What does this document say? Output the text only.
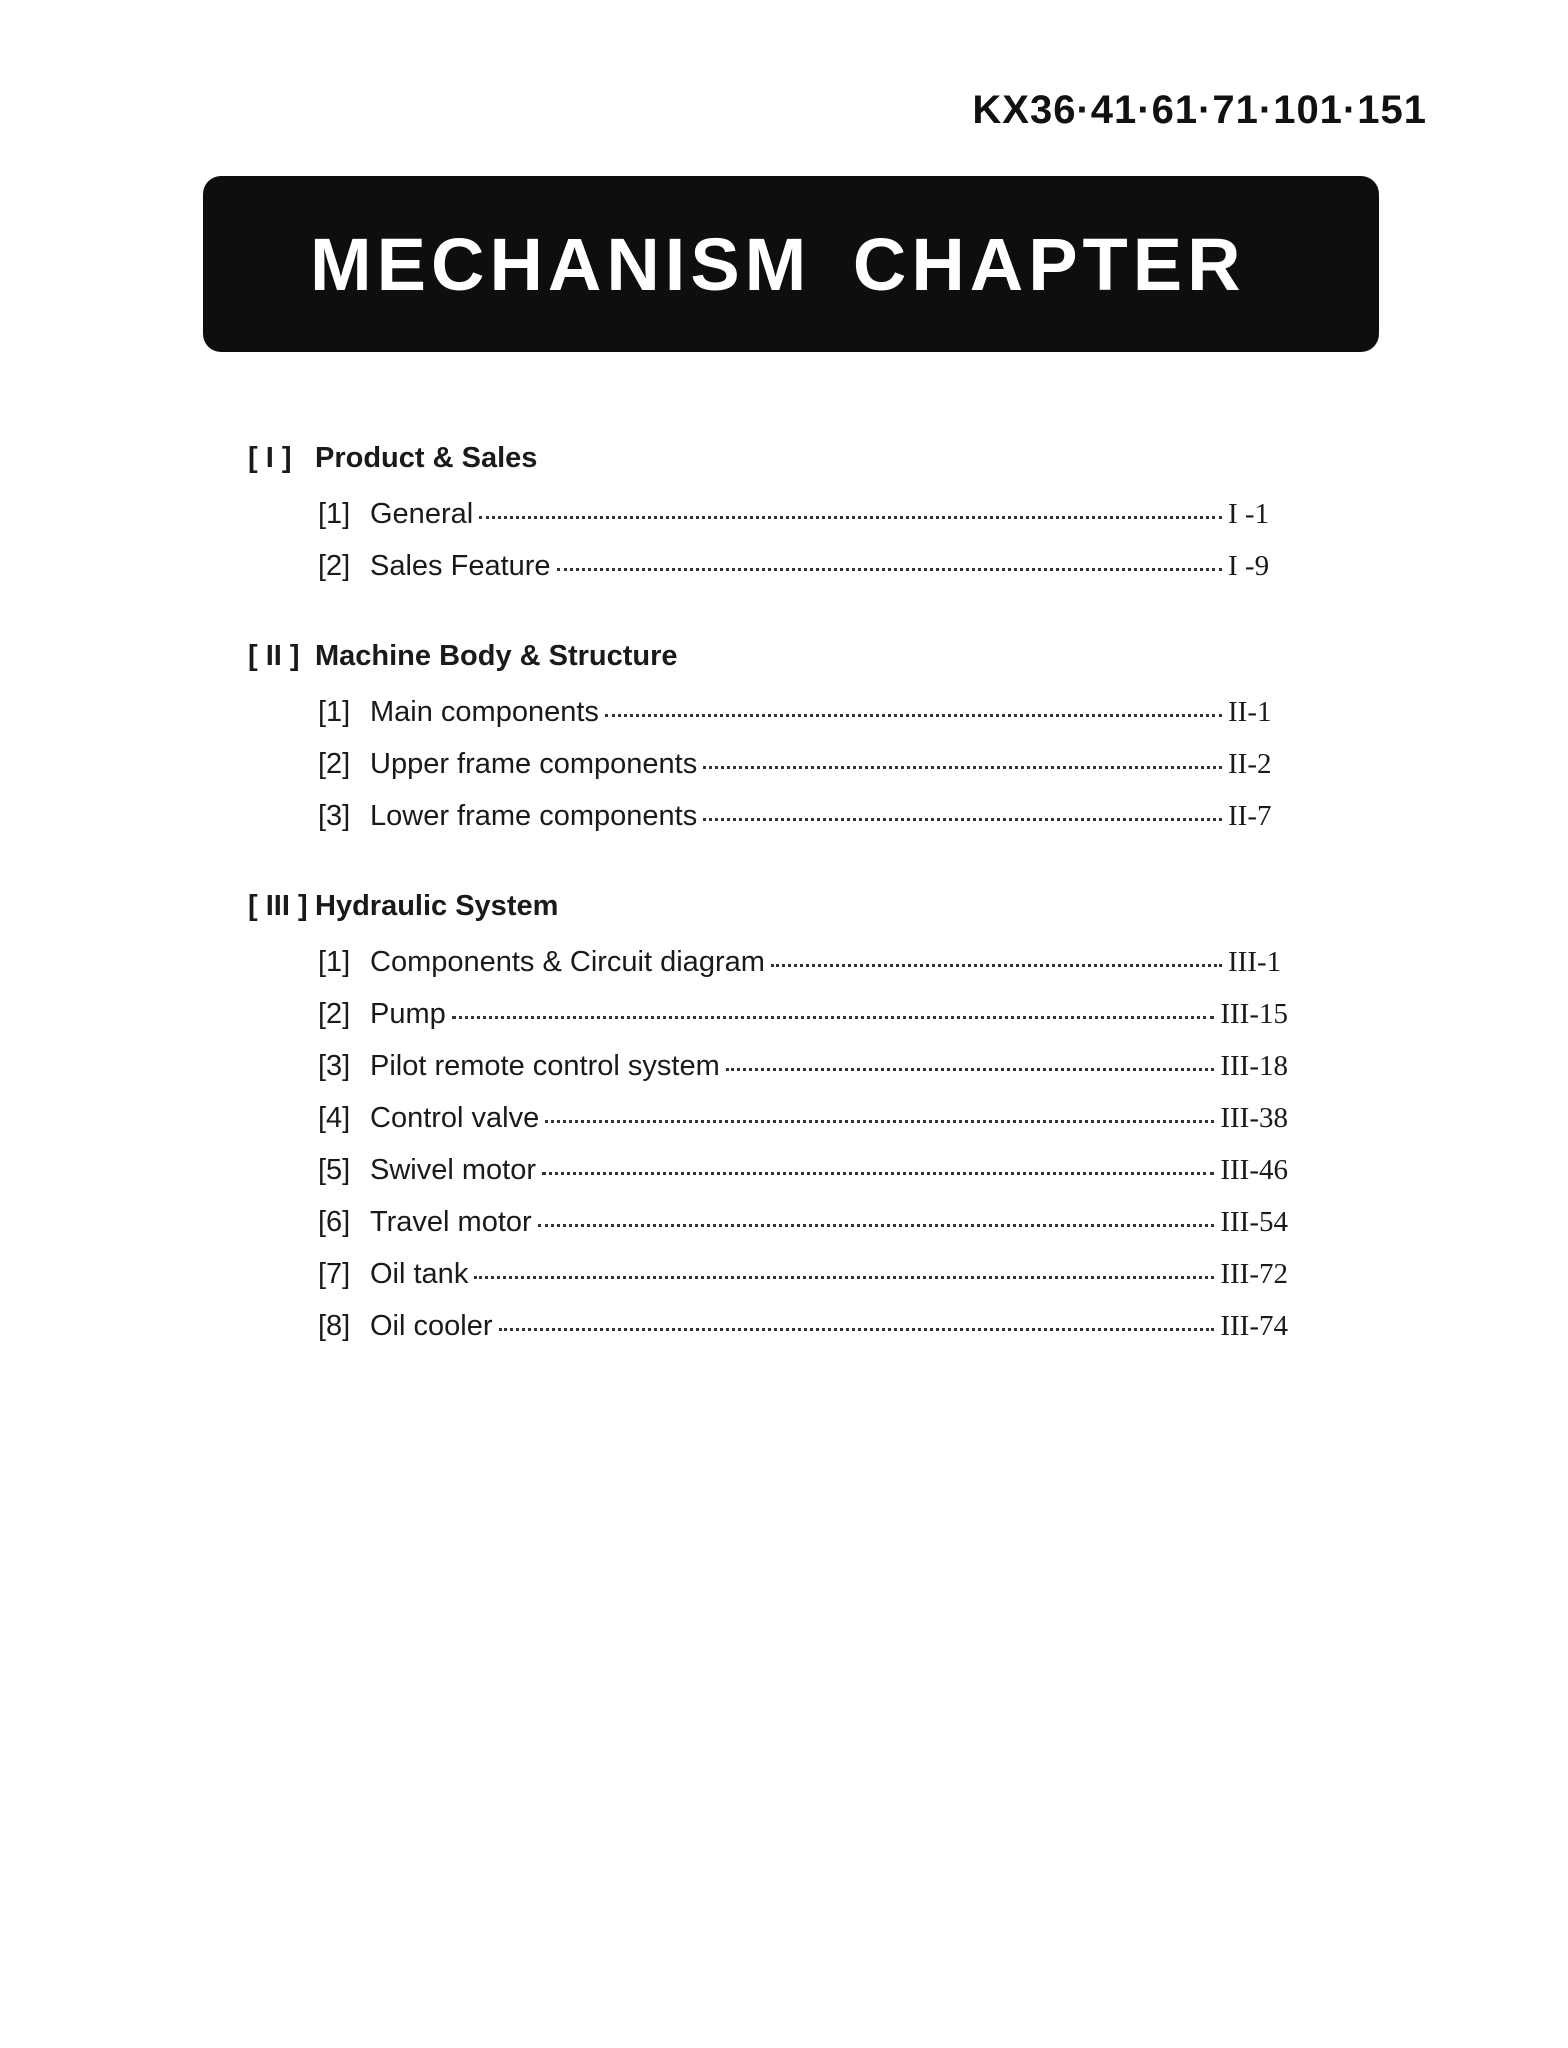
KX36·41·61·71·101·151
MECHANISM CHAPTER
[ I ] Product & Sales
[1] General	I -1
[2] Sales Feature	I -9
[ II ] Machine Body & Structure
[1] Main components	II-1
[2] Upper frame components	II-2
[3] Lower frame components	II-7
[ III ] Hydraulic System
[1] Components & Circuit diagram	III-1
[2] Pump	III-15
[3] Pilot remote control system	III-18
[4] Control valve	III-38
[5] Swivel motor	III-46
[6] Travel motor	III-54
[7] Oil tank	III-72
[8] Oil cooler	III-74
